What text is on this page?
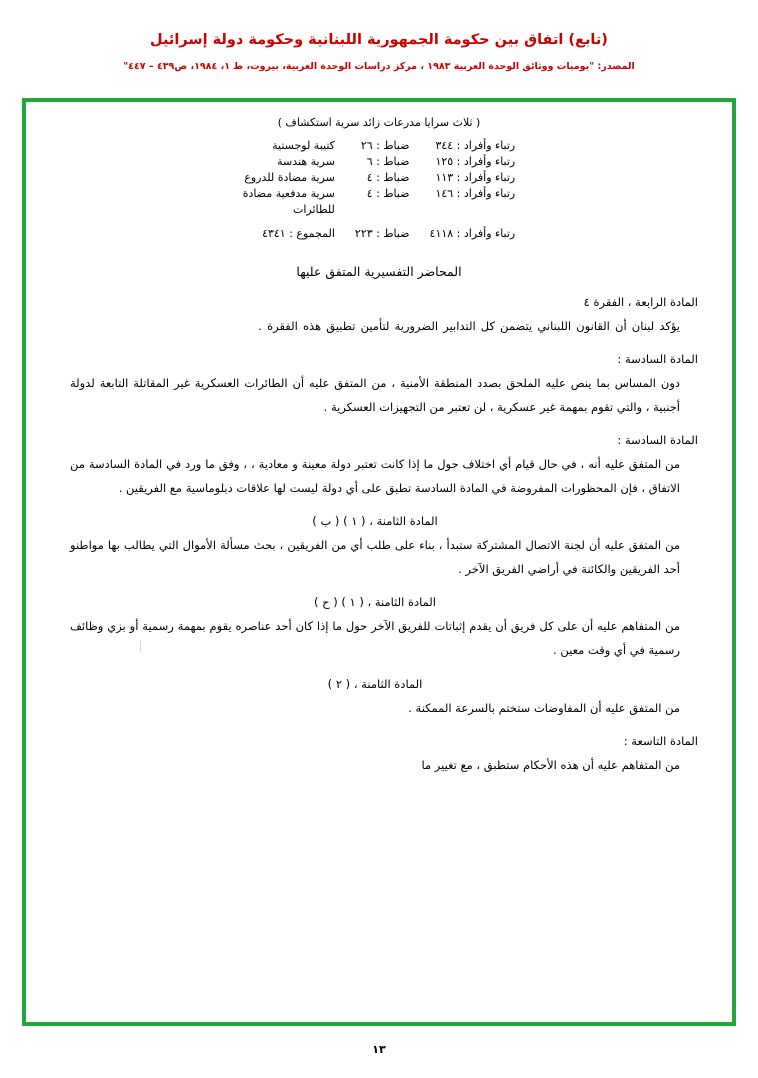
(تابع) اتفاق بين حكومة الجمهورية اللبنانية وحكومة دولة إسرائيل
المصدر: "يوميات ووثائق الوحدة العربية ١٩٨٣ ، مركز دراسات الوحدة العربية، بيروت، ط ١، ١٩٨٤، ص٤٣٩ – ٤٤٧"
( ثلاث سرايا مدرعات زائد سرية استكشاف )
رتباء وأفراد : ٣٤٤	ضباط : ٢٦	كتيبة لوجستية
رتباء وأفراد : ١٢٥	ضباط : ٦	سرية هندسة
رتباء وأفراد : ١١٣	ضباط : ٤	سرية مضادة للدروع
رتباء وأفراد : ١٤٦	ضباط : ٤	سرية مدفعية مضادة
		للطائرات
رتباء وأفراد : ٤١١٨	ضباط : ٢٢٣	المجموع : ٤٣٤١
المحاضر التفسيرية المتفق عليها
المادة الرابعة ، الفقرة ٤
يؤكد لبنان أن القانون اللبناني يتضمن كل التدابير الضرورية لتأمين تطبيق هذه الفقرة .
المادة السادسة :
دون المساس بما ينص عليه الملحق بصدد المنطقة الأمنية ، من المتفق عليه أن الطائرات العسكرية غير المقاتلة التابعة لدولة أجنبية ، والتي تقوم بمهمة غير عسكرية ، لن تعتبر من التجهيزات العسكرية .
المادة السادسة :
من المتفق عليه أنه ، في حال قيام أي اختلاف حول ما إذا كانت تعتبر دولة معينة و معادية ، ، وفق ما ورد في المادة السادسة من الاتفاق ، فإن المحظورات المفروضة في المادة السادسة تطبق على أي دولة ليست لها علاقات دبلوماسية مع الفريقين .
المادة الثامنة ، ( ١ ) ( ب )
من المتفق عليه أن لجنة الاتصال المشتركة ستبدأ ، بناء على طلب أي من الفريقين ، بحث مسألة الأموال التي يطالب بها مواطنو أحد الفريقين والكائنة في أراضي الفريق الآخر .
المادة الثامنة ، ( ١ ) ( ح )
من المتفاهم عليه أن على كل فريق أن يقدم إثباتات للفريق الآخر حول ما إذا كان أحد عناصره يقوم بمهمة رسمية أو بزي وظائف رسمية في أي وقت معين .
المادة الثامنة ، ( ٢ )
من المتفق عليه أن المفاوضات ستختم بالسرعة الممكنة .
المادة التاسعة :
من المتفاهم عليه أن هذه الأحكام ستطبق ، مع تغيير ما
١٣
